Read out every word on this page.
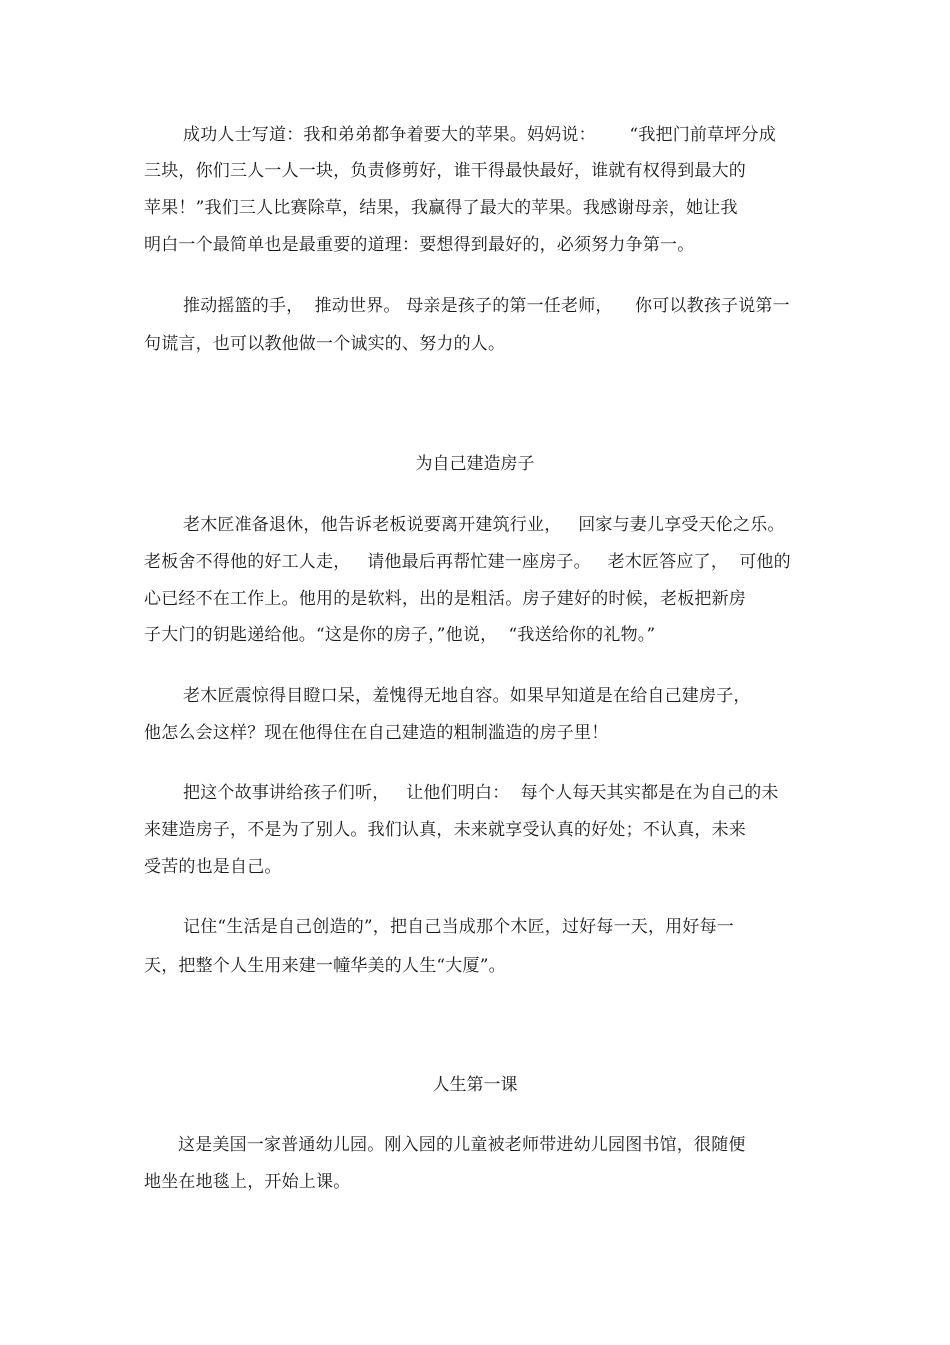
成功人士写道：我和弟弟都争着要大的苹果。妈妈说：      “我把门前草坪分成
三块，你们三人一人一块，负责修剪好，谁干得最快最好，谁就有权得到最大的
苹果！”我们三人比赛除草，结果，我赢得了最大的苹果。我感谢母亲，她让我
明白一个最简单也是最重要的道理：要想得到最好的，必须努力争第一。
推动摇篮的手，  推动世界。 母亲是孩子的第一任老师，    你可以教孩子说第一
句谎言，也可以教他做一个诚实的、努力的人。
为自己建造房子
老木匠准备退休，他告诉老板说要离开建筑行业，   回家与妻儿享受天伦之乐。
老板舍不得他的好工人走，   请他最后再帮忙建一座房子。   老木匠答应了，  可他的
心已经不在工作上。他用的是软料，出的是粗活。房子建好的时候，老板把新房
子大门的钥匙递给他。“这是你的房子，”他说，  “我送给你的礼物。”
老木匠震惊得目瞪口呆，羞愧得无地自容。如果早知道是在给自己建房子，
他怎么会这样？现在他得住在自己建造的粗制滥造的房子里！
把这个故事讲给孩子们听，   让他们明白：  每个人每天其实都是在为自己的未
来建造房子，不是为了别人。我们认真，未来就享受认真的好处；不认真，未来
受苦的也是自己。
记住“生活是自己创造的”，把自己当成那个木匠，过好每一天，用好每一
天，把整个人生用来建一幢华美的人生“大厦”。
人生第一课
这是美国一家普通幼儿园。刚入园的儿童被老师带进幼儿园图书馆，很随便
地坐在地毯上，开始上课。
